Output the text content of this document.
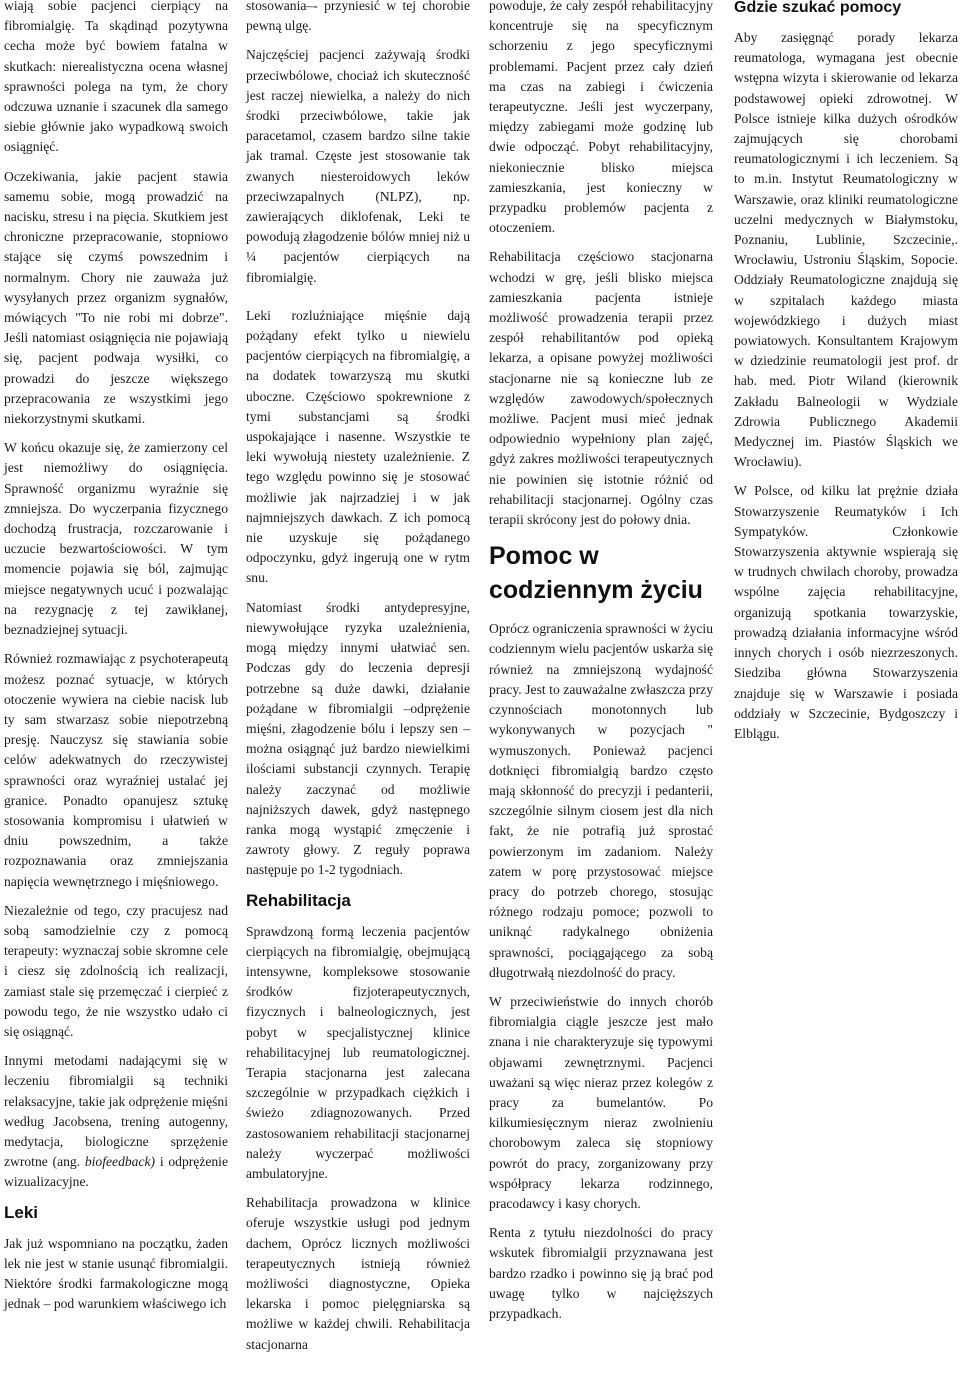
wiają sobie pacjenci cierpiący na fibromialgię. Ta skądinąd pozytywna cecha może być bowiem fatalna w skutkach: nierealistyczna ocena własnej sprawności polega na tym, że chory odczuwa uznanie i szacunek dla samego siebie głównie jako wypadkową swoich osiągnięć.

Oczekiwania, jakie pacjent stawia samemu sobie, mogą prowadzić na nacisku, stresu i na pięcia. Skutkiem jest chroniczne przepracowanie, stopniowo stające się czymś powszednim i normalnym. Chory nie zauważa już wysyłanych przez organizm sygnałów, mówiących "To nie robi mi dobrze". Jeśli natomiast osiągnięcia nie pojawiają się, pacjent podwaja wysiłki, co prowadzi do jeszcze większego przepracowania ze wszystkimi jego niekorzystnymi skutkami.

W końcu okazuje się, że zamierzony cel jest niemożliwy do osiągnięcia. Sprawność organizmu wyraźnie się zmniejsza. Do wyczerpania fizycznego dochodzą frustracja, rozczarowanie i uczucie bezwartościowości. W tym momencie pojawia się ból, zajmując miejsce negatywnych ucuć i pozwalając na rezygnację z tej zawikłanej, beznadziejnej sytuacji.

Również rozmawiając z psychoterapeutą możesz poznać sytuacje, w których otoczenie wywiera na ciebie nacisk lub ty sam stwarzasz sobie niepotrzebną presję. Nauczysz się stawiania sobie celów adekwatnych do rzeczywistej sprawności oraz wyraźniej ustalać jej granice. Ponadto opanujesz sztukę stosowania kompromisu i ułatwień w dniu powszednim, a także rozpoznawania oraz zmniejszania napięcia wewnętrznego i mięśniowego.

Niezależnie od tego, czy pracujesz nad sobą samodzielnie czy z pomocą terapeuty: wyznaczaj sobie skromne cele i ciesz się zdolnością ich realizacji, zamiast stale się przemęczać i cierpieć z powodu tego, że nie wszystko udało ci się osiągnąć.

Innymi metodami nadającymi się w leczeniu fibromialgii są techniki relaksacyjne, takie jak odprężenie mięśni według Jacobsena, trening autogenny, medytacja, biologiczne sprzężenie zwrotne (ang. biofeedback) i odprężenie wizualizacyjne.

Leki

Jak już wspomniano na początku, żaden lek nie jest w stanie usunąć fibromialgii. Niektóre środki farmakologiczne mogą jednak – pod warunkiem właściwego ich

stosowania–- przyniesić w tej chorobie pewną ulgę.

Najczęściej pacjenci zażywają środki przeciwbólowe, chociaż ich skuteczność jest raczej niewielka, a należy do nich środki przeciwbólowe, takie jak paracetamol, czasem bardzo silne takie jak tramal. Częste jest stosowanie tak zwanych niesteroidowych leków przeciwzapalnych (NLPZ), np. zawierających diklofenak, Leki te powodują złagodzenie bólów mniej niż u ¼ pacjentów cierpiących na fibromialgię.

Leki rozluźniające mięśnie dają pożądany efekt tylko u niewielu pacjentów cierpiących na fibromialgię, a na dodatek towarzyszą mu skutki uboczne. Częściowo spokrewnione z tymi substancjami są środki uspokajające i nasenne. Wszystkie te leki wywołują niestety uzależnienie. Z tego względu powinno się je stosować możliwie jak najrzadziej i w jak najmniejszych dawkach. Z ich pomocą nie uzyskuje się pożądanego odpoczynku, gdyż ingerują one w rytm snu.

Natomiast środki antydepresyjne, niewywołujące ryzyka uzależnienia, mogą między innymi ułatwiać sen. Podczas gdy do leczenia depresji potrzebne są duże dawki, działanie pożądane w fibromialgii –odprężenie mięśni, złagodzenie bólu i lepszy sen – można osiągnąć już bardzo niewielkimi ilościami substancji czynnych. Terapię należy zaczynać od możliwie najniższych dawek, gdyż następnego ranka mogą wystąpić zmęczenie i zawroty głowy. Z reguły poprawa następuje po 1-2 tygodniach.

Rehabilitacja

Sprawdzoną formą leczenia pacjentów cierpiących na fibromialgię, obejmującą intensywne, kompleksowe stosowanie środków fizjoterapeutycznych, fizycznych i balneologicznych, jest pobyt w specjalistycznej klinice rehabilitacyjnej lub reumatologicznej. Terapia stacjonarna jest zalecana szczególnie w przypadkach ciężkich i świeżo zdiagnozowanych. Przed zastosowaniem rehabilitacji stacjonarnej należy wyczerpać możliwości ambulatoryjne.

Rehabilitacja prowadzona w klinice oferuje wszystkie usługi pod jednym dachem, Oprócz licznych możliwości terapeutycznych istnieją również możliwości diagnostyczne, Opieka lekarska i pomoc pielęgniarska są możliwe w każdej chwili. Rehabilitacja stacjonarna

powoduje, że cały zespół rehabilitacyjny koncentruje się na specyficznym schorzeniu z jego specyficznymi problemami. Pacjent przez cały dzień ma czas na zabiegi i ćwiczenia terapeutyczne. Jeśli jest wyczerpany, między zabiegami może godzinę lub dwie odpocząć. Pobyt rehabilitacyjny, niekoniecznie blisko miejsca zamieszkania, jest konieczny w przypadku problemów pacjenta z otoczeniem.

Rehabilitacja częściowo stacjonarna wchodzi w grę, jeśli blisko miejsca zamieszkania pacjenta istnieje możliwość prowadzenia terapii przez zespół rehabilitantów pod opieką lekarza, a opisane powyżej możliwości stacjonarne nie są konieczne lub ze względów zawodowych/społecznych możliwe. Pacjent musi mieć jednak odpowiednio wypełniony plan zajęć, gdyż zakres możliwości terapeutycznych nie powinien się istotnie różnić od rehabilitacji stacjonarnej. Ogólny czas terapii skrócony jest do połowy dnia.

Pomoc w codziennym życiu

Oprócz ograniczenia sprawności w życiu codziennym wielu pacjentów uskarża się również na zmniejszoną wydajność pracy. Jest to zauważalne zwłaszcza przy czynnościach monotonnych lub wykonywanych w pozycjach " wymuszonych. Ponieważ pacjenci dotknięci fibromialgią bardzo często mają skłonność do precyzji i pedanterii, szczególnie silnym ciosem jest dla nich fakt, że nie potrafią już sprostać powierzonym im zadaniom. Należy zatem w porę przystosować miejsce pracy do potrzeb chorego, stosując różnego rodzaju pomoce; pozwoli to uniknąć radykalnego obniżenia sprawności, pociągającego za sobą długotrwałą niezdolność do pracy.

W przeciwieństwie do innych chorób fibromialgia ciągle jeszcze jest mało znana i nie charakteryzuje się typowymi objawami zewnętrznymi. Pacjenci uważani są więc nieraz przez kolegów z pracy za bumelantów. Po kilkumiesięcznym nieraz zwolnieniu chorobowym zaleca się stopniowy powrót do pracy, zorganizowany przy współpracy lekarza rodzinnego, pracodawcy i kasy chorych.

Renta z tytułu niezdolności do pracy wskutek fibromialgii przyznawana jest bardzo rzadko i powinno się ją brać pod uwagę tylko w najcięższych przypadkach.

Gdzie szukać pomocy

Aby zasięgnąć porady lekarza reumatologa, wymagana jest obecnie wstępna wizyta i skierowanie od lekarza podstawowej opieki zdrowotnej. W Polsce istnieje kilka dużych ośrodków zajmujących się chorobami reumatologicznymi i ich leczeniem. Są to m.in. Instytut Reumatologiczny w Warszawie, oraz kliniki reumatologiczne uczelni medycznych w Białymstoku, Poznaniu, Lublinie, Szczecinie,. Wrocławiu, Ustroniu Śląskim, Sopocie. Oddziały Reumatologiczne znajdują się w szpitalach każdego miasta wojewódzkiego i dużych miast powiatowych. Konsultantem Krajowym w dziedzinie reumatologii jest prof. dr hab. med. Piotr Wiland (kierownik Zakładu Balneologii w Wydziale Zdrowia Publicznego Akademii Medycznej im. Piastów Śląskich we Wrocławiu).

W Polsce, od kilku lat prężnie działa Stowarzyszenie Reumatyków i Ich Sympatyków. Członkowie Stowarzyszenia aktywnie wspierają się w trudnych chwilach choroby, prowadza wspólne zajęcia rehabilitacyjne, organizują spotkania towarzyskie, prowadzą działania informacyjne wśród innych chorych i osób niezrzeszonych. Siedziba główna Stowarzyszenia znajduje się w Warszawie i posiada oddziały w Szczecinie, Bydgoszczy i Elblągu.
